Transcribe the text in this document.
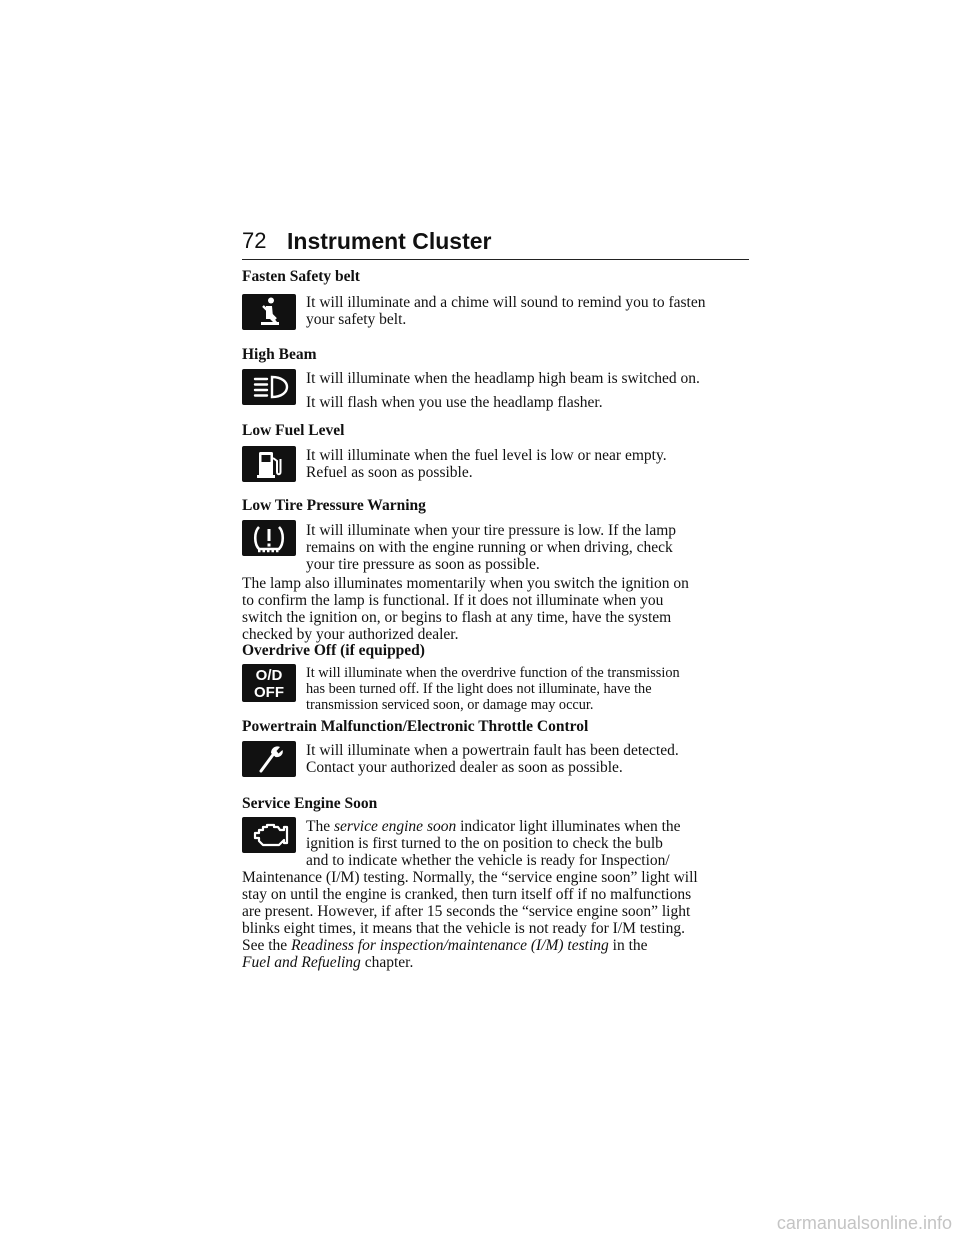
72 Instrument Cluster
Fasten Safety belt
It will illuminate and a chime will sound to remind you to fasten
your safety belt.
High Beam

It will illuminate when the headlamp high beam is switched on.

It will flash when you use the headlamp flasher.

Low Fuel Level
It will illuminate when the fuel level is low or near empty.
Refuel as soon as possible.
Low Tire Pressure Warning
It will illuminate when your tire pressure is low. If the lamp
remains on with the engine running or when driving, check
your tire pressure as soon as possible.
The lamp also illuminates momentarily when you switch the ignition on
to confirm the lamp is functional. If it does not illuminate when you
switch the ignition on, or begins to flash at any time, have the system
checked by your authorized dealer.
Overdrive Off (if equipped)
O/D
OFF
It will illuminate when the overdrive function of the transmission
has been turned off. If the light does not illuminate, have the
transmission serviced soon, or damage may occur.
Powertrain Malfunction/Electronic Throttle Control
It will illuminate when a powertrain fault has been detected.
Contact your authorized dealer as soon as possible.
Service Engine Soon
The service engine soon indicator light illuminates when the
ignition is first turned to the on position to check the bulb
and to indicate whether the vehicle is ready for Inspection/
Maintenance (I/M) testing. Normally, the “service engine soon” light will
stay on until the engine is cranked, then turn itself off if no malfunctions
are present. However, if after 15 seconds the “service engine soon” light
blinks eight times, it means that the vehicle is not ready for I/M testing.
See the Readiness for inspection/maintenance (I/M) testing in the
Fuel and Refueling chapter.
carmanualsonline.info
